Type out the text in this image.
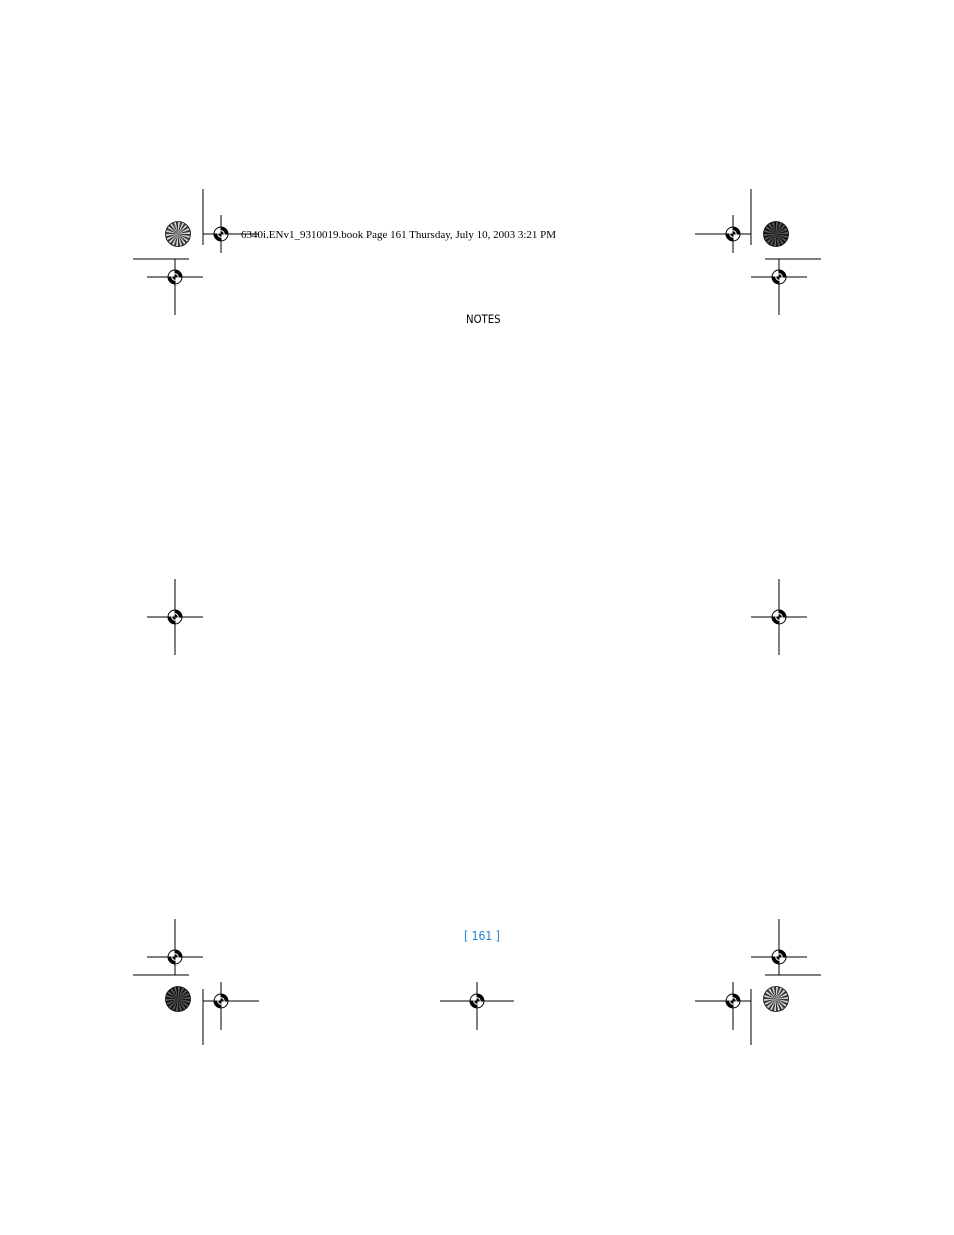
6340i.ENv1_9310019.book Page 161 Thursday, July 10, 2003 3:21 PM
NOTES
[ 161 ]
